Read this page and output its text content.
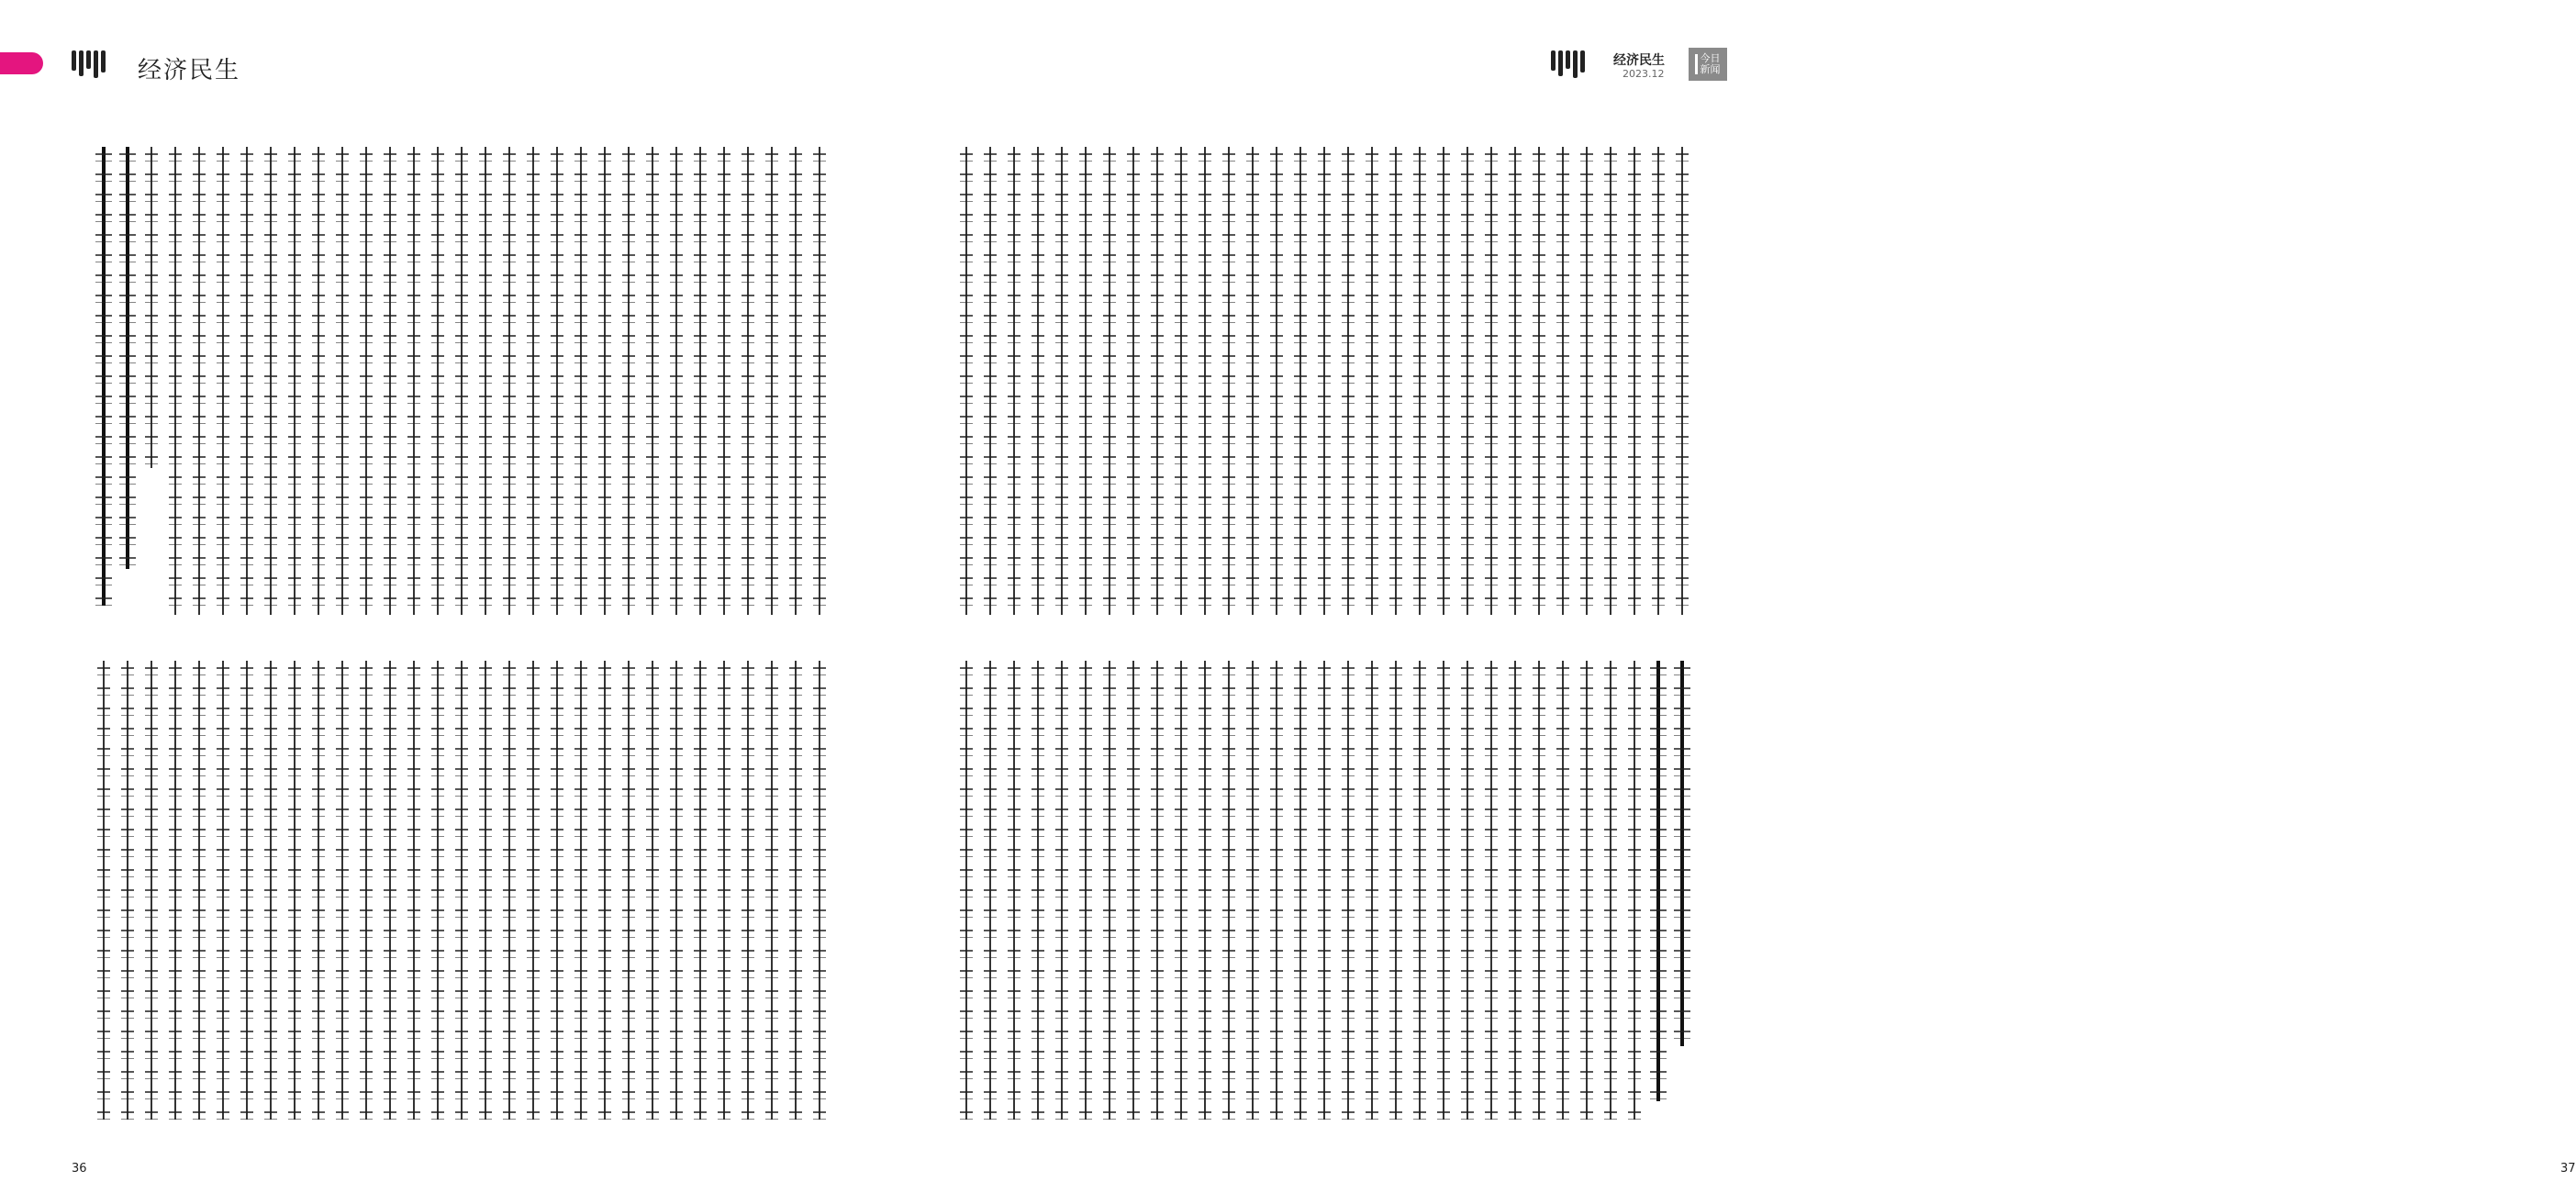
经济民生
36	37
经济民生
2023.12
今日新闻
